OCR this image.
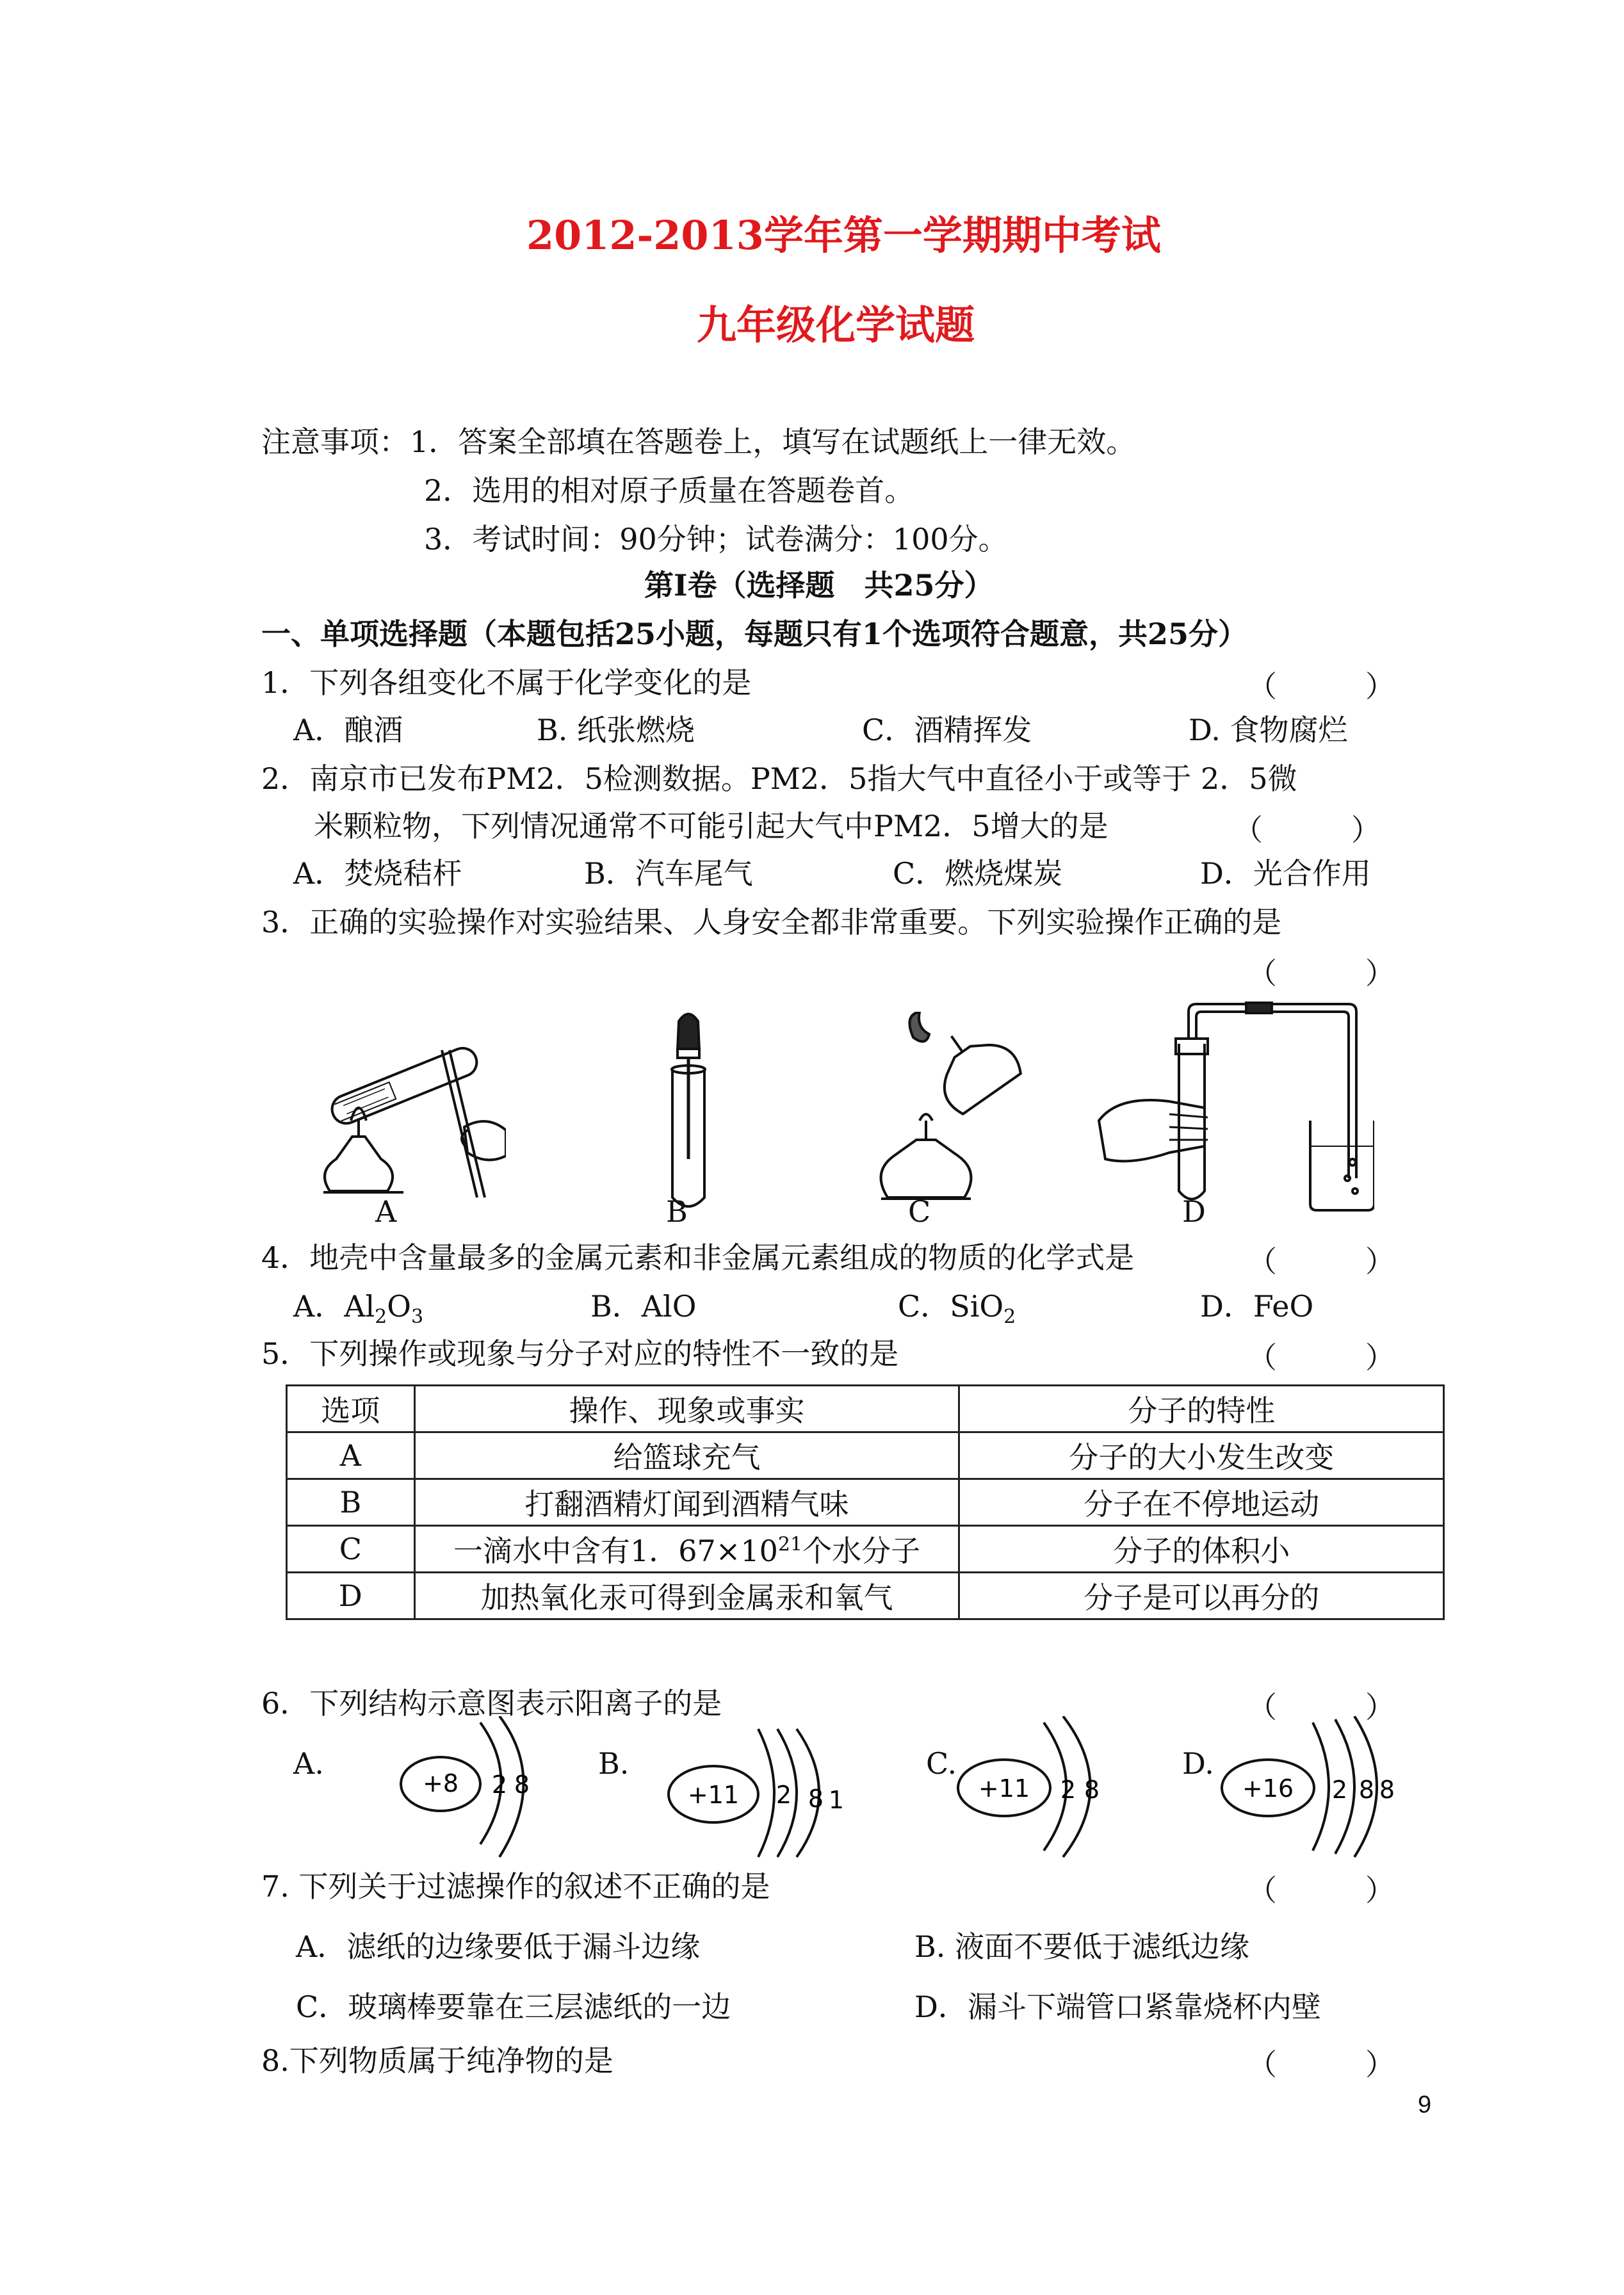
2012-2013学年第一学期期中考试
九年级化学试题
注意事项： 1．答案全部填在答题卷上，填写在试题纸上一律无效。
2．选用的相对原子质量在答题卷首。
3．考试时间：90分钟；试卷满分：100分。
第Ⅰ卷（选择题　共25分）
一、单项选择题（本题包括25小题，每题只有1个选项符合题意，共25分）
1．下列各组变化不属于化学变化的是	（　　　）
A．酿酒	B. 纸张燃烧	C．酒精挥发	D. 食物腐烂
2．南京市已发布PM2．5检测数据。PM2．5指大气中直径小于或等于 2．5微
米颗粒物，下列情况通常不可能引起大气中PM2．5增大的是	（　　　）
A．焚烧秸杆	B．汽车尾气	C．燃烧煤炭	D．光合作用
3．正确的实验操作对实验结果、人身安全都非常重要。下列实验操作正确的是
（　　　）
A	B	C	D
4．地壳中含量最多的金属元素和非金属元素组成的物质的化学式是	（　　　）
A．$Al_2O_3$	B．AlO	C．SiO$_2$	D．FeO
5．下列操作或现象与分子对应的特性不一致的是	（　　　）
选项	操作、现象或事实	分子的特性
A	给篮球充气	分子的大小发生改变
B	打翻酒精灯闻到酒精气味	分子在不停地运动
C	一滴水中含有1．$67\times 10^{21}$个水分子	分子的体积小
D	加热氧化汞可得到金属汞和氧气	分子是可以再分的
6．下列结构示意图表示阳离子的是	（　　　）
A.
+8 2 8
B.
+11 2 8 1
C.
+11 2 8
D.
+16 2 8 8
7. 下列关于过滤操作的叙述不正确的是	（　　　）
A．滤纸的边缘要低于漏斗边缘	B. 液面不要低于滤纸边缘
C．玻璃棒要靠在三层滤纸的一边	D．漏斗下端管口紧靠烧杯内壁
8.下列物质属于纯净物的是	（　　　）
9
